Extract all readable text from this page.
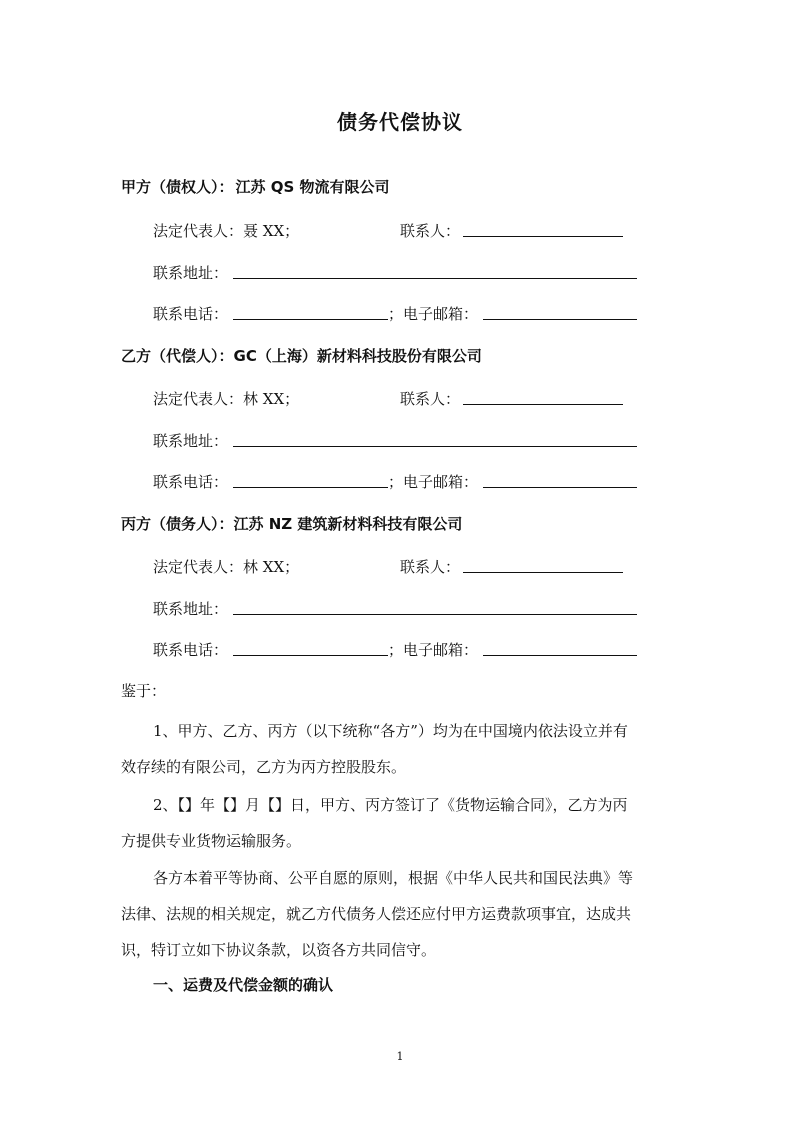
债务代偿协议
甲方（债权人）： 江苏 QS 物流有限公司
法定代表人：聂 XX；	联系人：
联系地址：
联系电话：	；电子邮箱：
乙方（代偿人）：GC（上海）新材料科技股份有限公司
法定代表人：林 XX；	联系人：
联系地址：
联系电话：	；电子邮箱：
丙方（债务人）：江苏 NZ 建筑新材料科技有限公司
法定代表人：林 XX；	联系人：
联系地址：
联系电话：	；电子邮箱：
鉴于：
1、甲方、乙方、丙方（以下统称“各方”）均为在中国境内依法设立并有效存续的有限公司，乙方为丙方控股股东。
2、【】年【】月【】日，甲方、丙方签订了《货物运输合同》，乙方为丙方提供专业货物运输服务。
各方本着平等协商、公平自愿的原则，根据《中华人民共和国民法典》等法律、法规的相关规定，就乙方代债务人偿还应付甲方运费款项事宜，达成共识，特订立如下协议条款，以资各方共同信守。
一、运费及代偿金额的确认
1
